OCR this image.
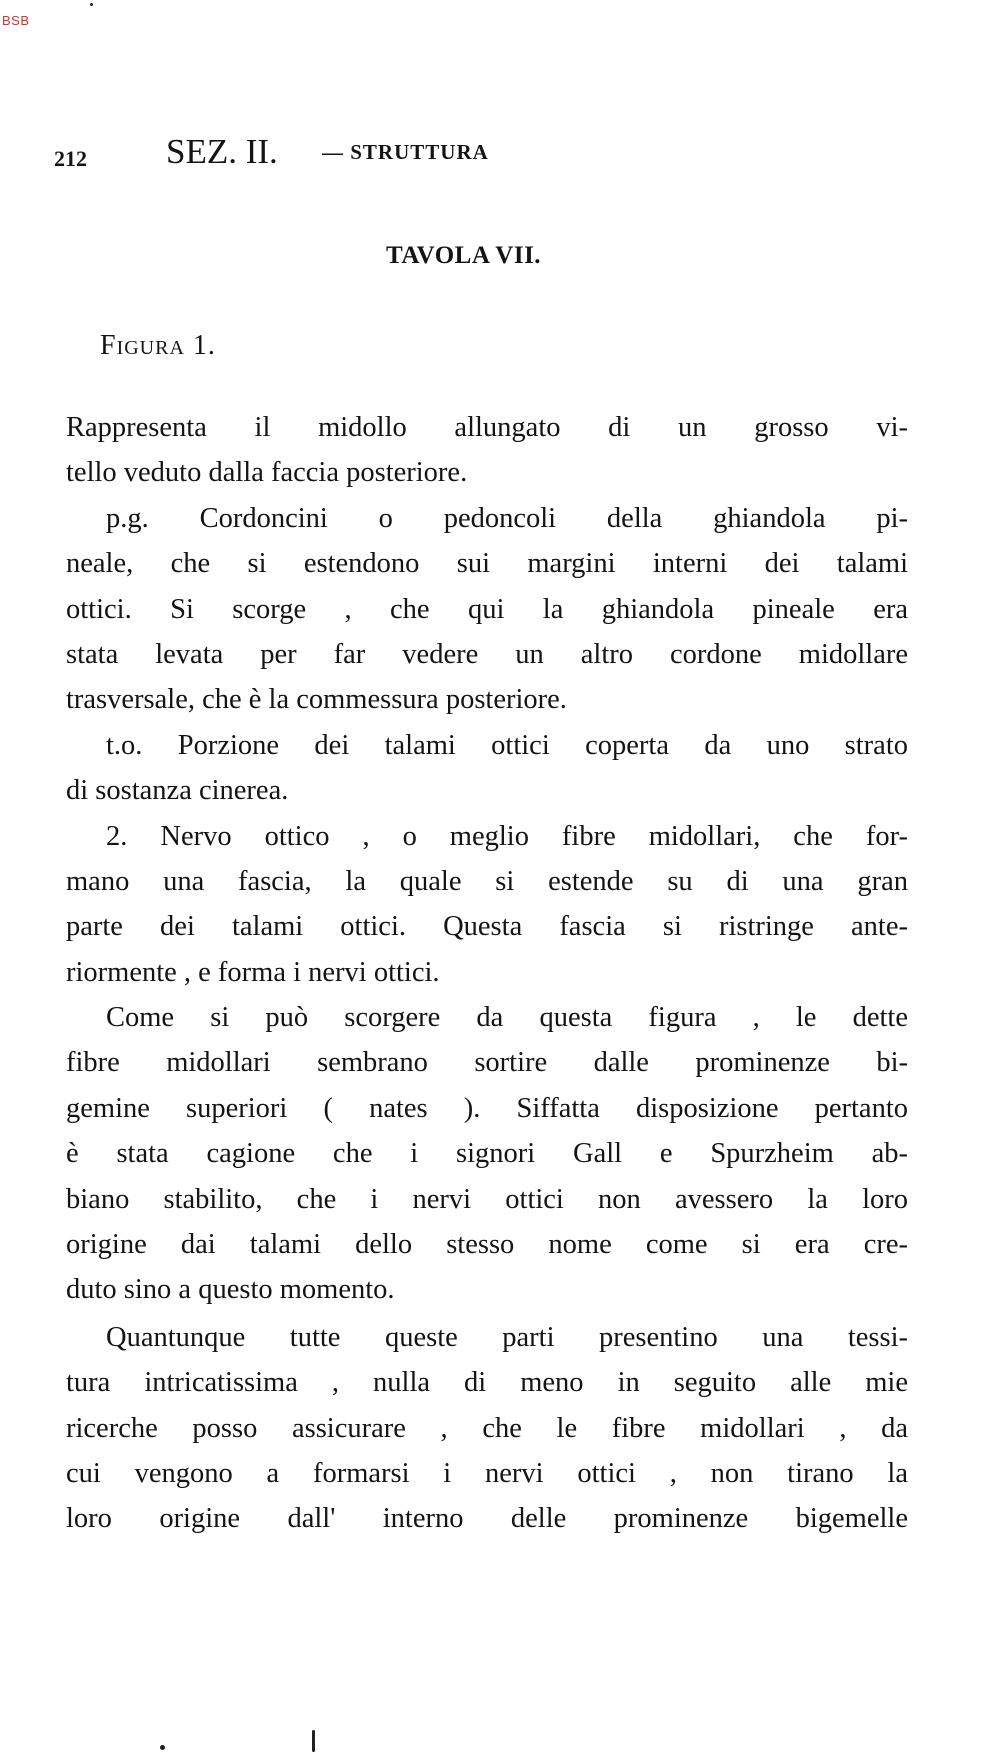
BSB
212	SEZ. II.	— STRUTTURA
TAVOLA VII.
Figura 1.
Rappresenta il midollo allungato di un grosso vi-
tello veduto dalla faccia posteriore.
p.g. Cordoncini o pedoncoli della ghiandola pi-
neale, che si estendono sui margini interni dei talami
ottici. Si scorge , che qui la ghiandola pineale era
stata levata per far vedere un altro cordone midollare
trasversale, che è la commessura posteriore.
t.o. Porzione dei talami ottici coperta da uno strato
di sostanza cinerea.
2. Nervo ottico , o meglio fibre midollari, che for-
mano una fascia, la quale si estende su di una gran
parte dei talami ottici. Questa fascia si ristringe ante-
riormente , e forma i nervi ottici.
Come si può scorgere da questa figura , le dette
fibre midollari sembrano sortire dalle prominenze bi-
gemine superiori ( nates ). Siffatta disposizione pertanto
è stata cagione che i signori Gall e Spurzheim ab-
biano stabilito, che i nervi ottici non avessero la loro
origine dai talami dello stesso nome come si era cre-
duto sino a questo momento.
Quantunque tutte queste parti presentino una tessi-
tura intricatissima , nulla di meno in seguito alle mie
ricerche posso assicurare , che le fibre midollari , da
cui vengono a formarsi i nervi ottici , non tirano la
loro origine dall' interno delle prominenze bigemelle
